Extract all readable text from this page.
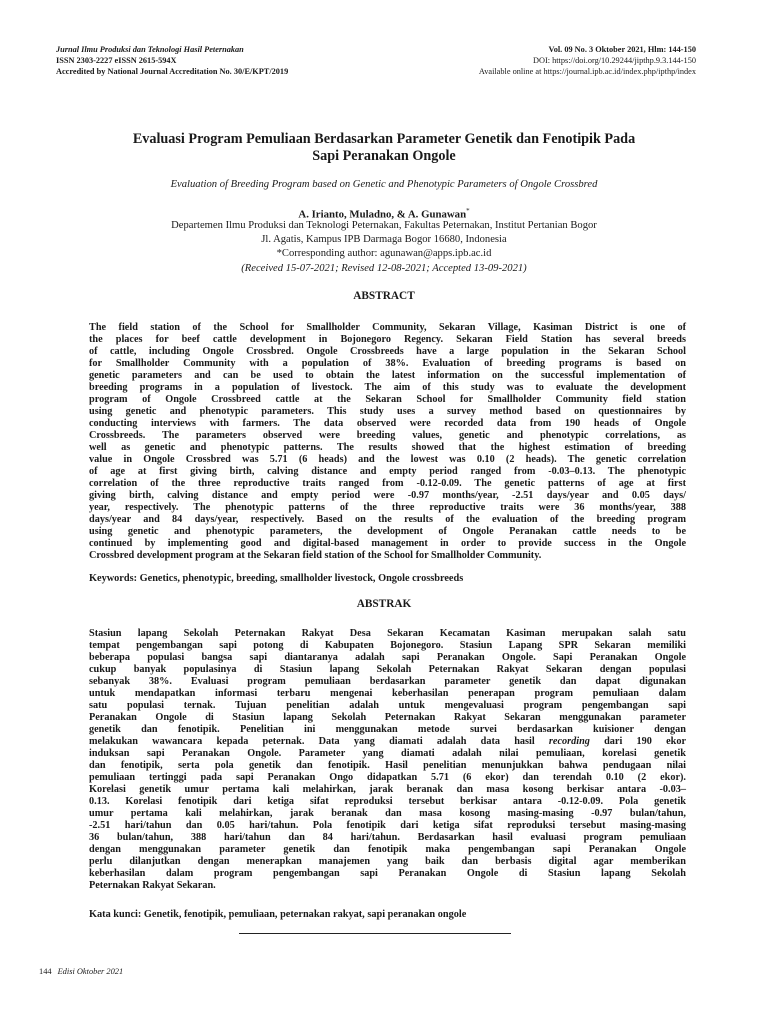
Jurnal Ilmu Produksi dan Teknologi Hasil Peternakan
ISSN 2303-2227 eISSN 2615-594X
Accredited by National Journal Accreditation No. 30/E/KPT/2019
Vol. 09 No. 3 Oktober 2021, Hlm: 144-150
DOI: https://doi.org/10.29244/jipthp.9.3.144-150
Available online at https://journal.ipb.ac.id/index.php/ipthp/index
Evaluasi Program Pemuliaan Berdasarkan Parameter Genetik dan Fenotipik Pada
Sapi Peranakan Ongole
Evaluation of Breeding Program based on Genetic and Phenotypic Parameters of Ongole Crossbred
A. Irianto, Muladno, & A. Gunawan*
Departemen Ilmu Produksi dan Teknologi Peternakan, Fakultas Peternakan, Institut Pertanian Bogor
Jl. Agatis, Kampus IPB Darmaga Bogor 16680, Indonesia
*Corresponding author: agunawan@apps.ipb.ac.id
(Received 15-07-2021; Revised 12-08-2021; Accepted 13-09-2021)
ABSTRACT
The field station of the School for Smallholder Community, Sekaran Village, Kasiman District is one of
the places for beef cattle development in Bojonegoro Regency. Sekaran Field Station has several breeds
of cattle, including Ongole Crossbred. Ongole Crossbreeds have a large population in the Sekaran School
for Smallholder Community with a population of 38%. Evaluation of breeding programs is based on
genetic parameters and can be used to obtain the latest information on the successful implementation of
breeding programs in a population of livestock. The aim of this study was to evaluate the development
program of Ongole Crossbreed cattle at the Sekaran School for Smallholder Community field station
using genetic and phenotypic parameters. This study uses a survey method based on questionnaires by
conducting interviews with farmers. The data observed were recorded data from 190 heads of Ongole
Crossbreeds. The parameters observed were breeding values, genetic and phenotypic correlations, as
well as genetic and phenotypic patterns. The results showed that the highest estimation of breeding
value in Ongole Crossbred was 5.71 (6 heads) and the lowest was 0.10 (2 heads). The genetic correlation
of age at first giving birth, calving distance and empty period ranged from -0.03–0.13. The phenotypic
correlation of the three reproductive traits ranged from -0.12-0.09. The genetic patterns of age at first
giving birth, calving distance and empty period were -0.97 months/year, -2.51 days/year and 0.05 days/
year, respectively. The phenotypic patterns of the three reproductive traits were 36 months/year, 388
days/year and 84 days/year, respectively. Based on the results of the evaluation of the breeding program
using genetic and phenotypic parameters, the development of Ongole Peranakan cattle needs to be
continued by implementing good and digital-based management in order to provide success in the Ongole
Crossbred development program at the Sekaran field station of the School for Smallholder Community.
Keywords: Genetics, phenotypic, breeding, smallholder livestock, Ongole crossbreeds
ABSTRAK
Stasiun lapang Sekolah Peternakan Rakyat Desa Sekaran Kecamatan Kasiman merupakan salah satu
tempat pengembangan sapi potong di Kabupaten Bojonegoro. Stasiun Lapang SPR Sekaran memiliki
beberapa populasi bangsa sapi diantaranya adalah sapi Peranakan Ongole. Sapi Peranakan Ongole
cukup banyak populasinya di Stasiun lapang Sekolah Peternakan Rakyat Sekaran dengan populasi
sebanyak 38%. Evaluasi program pemuliaan berdasarkan parameter genetik dan dapat digunakan
untuk mendapatkan informasi terbaru mengenai keberhasilan penerapan program pemuliaan dalam
satu populasi ternak. Tujuan penelitian adalah untuk mengevaluasi program pengembangan sapi
Peranakan Ongole di Stasiun lapang Sekolah Peternakan Rakyat Sekaran menggunakan parameter
genetik dan fenotipik. Penelitian ini menggunakan metode survei berdasarkan kuisioner dengan
melakukan wawancara kepada peternak. Data yang diamati adalah data hasil recording dari 190 ekor
induksan sapi Peranakan Ongole. Parameter yang diamati adalah nilai pemuliaan, korelasi genetik
dan fenotipik, serta pola genetik dan fenotipik. Hasil penelitian menunjukkan bahwa pendugaan nilai
pemuliaan tertinggi pada sapi Peranakan Ongo didapatkan 5.71 (6 ekor) dan terendah 0.10 (2 ekor).
Korelasi genetik umur pertama kali melahirkan, jarak beranak dan masa kosong berkisar antara -0.03–
0.13. Korelasi fenotipik dari ketiga sifat reproduksi tersebut berkisar antara -0.12-0.09. Pola genetik
umur pertama kali melahirkan, jarak beranak dan masa kosong masing-masing -0.97 bulan/tahun,
-2.51 hari/tahun dan 0.05 hari/tahun. Pola fenotipik dari ketiga sifat reproduksi tersebut masing-masing
36 bulan/tahun, 388 hari/tahun dan 84 hari/tahun. Berdasarkan hasil evaluasi program pemuliaan
dengan menggunakan parameter genetik dan fenotipik maka pengembangan sapi Peranakan Ongole
perlu dilanjutkan dengan menerapkan manajemen yang baik dan berbasis digital agar memberikan
keberhasilan dalam program pengembangan sapi Peranakan Ongole di Stasiun lapang Sekolah
Peternakan Rakyat Sekaran.
Kata kunci: Genetik, fenotipik, pemuliaan, peternakan rakyat, sapi peranakan ongole
144 Edisi Oktober 2021
